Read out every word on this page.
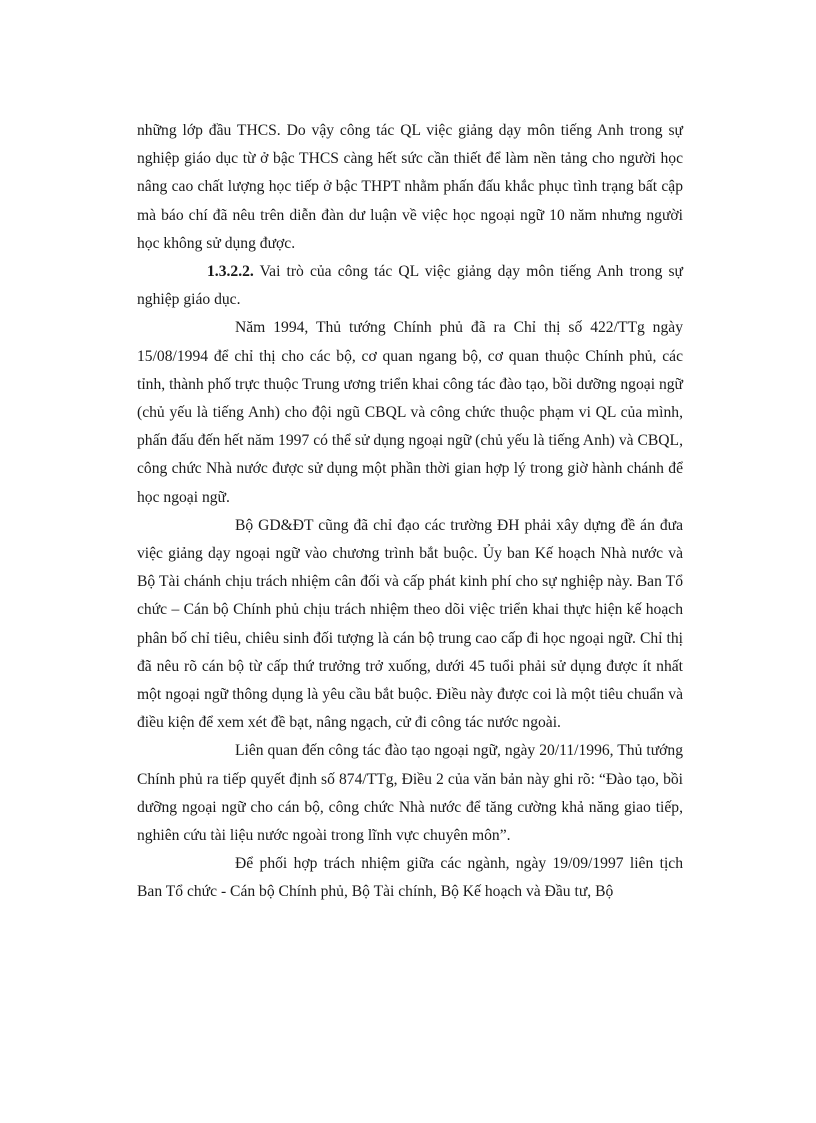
những lớp đầu THCS. Do vậy công tác QL việc giảng dạy môn tiếng Anh trong sự nghiệp giáo dục từ ở bậc THCS càng hết sức cần thiết để làm nền tảng cho người học nâng cao chất lượng học tiếp ở bậc THPT nhằm phấn đấu khắc phục tình trạng bất cập mà báo chí đã nêu trên diễn đàn dư luận về việc học ngoại ngữ 10 năm nhưng người học không sử dụng được.

1.3.2.2. Vai trò của công tác QL việc giảng dạy môn tiếng Anh trong sự nghiệp giáo dục.

Năm 1994, Thủ tướng Chính phủ đã ra Chỉ thị số 422/TTg ngày 15/08/1994 để chỉ thị cho các bộ, cơ quan ngang bộ, cơ quan thuộc Chính phủ, các tỉnh, thành phố trực thuộc Trung ương triển khai công tác đào tạo, bồi dưỡng ngoại ngữ (chủ yếu là tiếng Anh) cho đội ngũ CBQL và công chức thuộc phạm vi QL của mình, phấn đấu đến hết năm 1997 có thể sử dụng ngoại ngữ (chủ yếu là tiếng Anh) và CBQL, công chức Nhà nước được sử dụng một phần thời gian hợp lý trong giờ hành chánh để học ngoại ngữ.

Bộ GD&ĐT cũng đã chỉ đạo các trường ĐH phải xây dựng đề án đưa việc giảng dạy ngoại ngữ vào chương trình bắt buộc. Ủy ban Kế hoạch Nhà nước và Bộ Tài chánh chịu trách nhiệm cân đối và cấp phát kinh phí cho sự nghiệp này. Ban Tổ chức – Cán bộ Chính phủ chịu trách nhiệm theo dõi việc triển khai thực hiện kế hoạch phân bố chỉ tiêu, chiêu sinh đối tượng là cán bộ trung cao cấp đi học ngoại ngữ. Chỉ thị đã nêu rõ cán bộ từ cấp thứ trưởng trở xuống, dưới 45 tuổi phải sử dụng được ít nhất một ngoại ngữ thông dụng là yêu cầu bắt buộc. Điều này được coi là một tiêu chuẩn và điều kiện để xem xét đề bạt, nâng ngạch, cử đi công tác nước ngoài.

Liên quan đến công tác đào tạo ngoại ngữ, ngày 20/11/1996, Thủ tướng Chính phủ ra tiếp quyết định số 874/TTg, Điều 2 của văn bản này ghi rõ: “Đào tạo, bồi dưỡng ngoại ngữ cho cán bộ, công chức Nhà nước để tăng cường khả năng giao tiếp, nghiên cứu tài liệu nước ngoài trong lĩnh vực chuyên môn”.

Để phối hợp trách nhiệm giữa các ngành, ngày 19/09/1997 liên tịch Ban Tổ chức - Cán bộ Chính phủ, Bộ Tài chính, Bộ Kế hoạch và Đầu tư, Bộ
